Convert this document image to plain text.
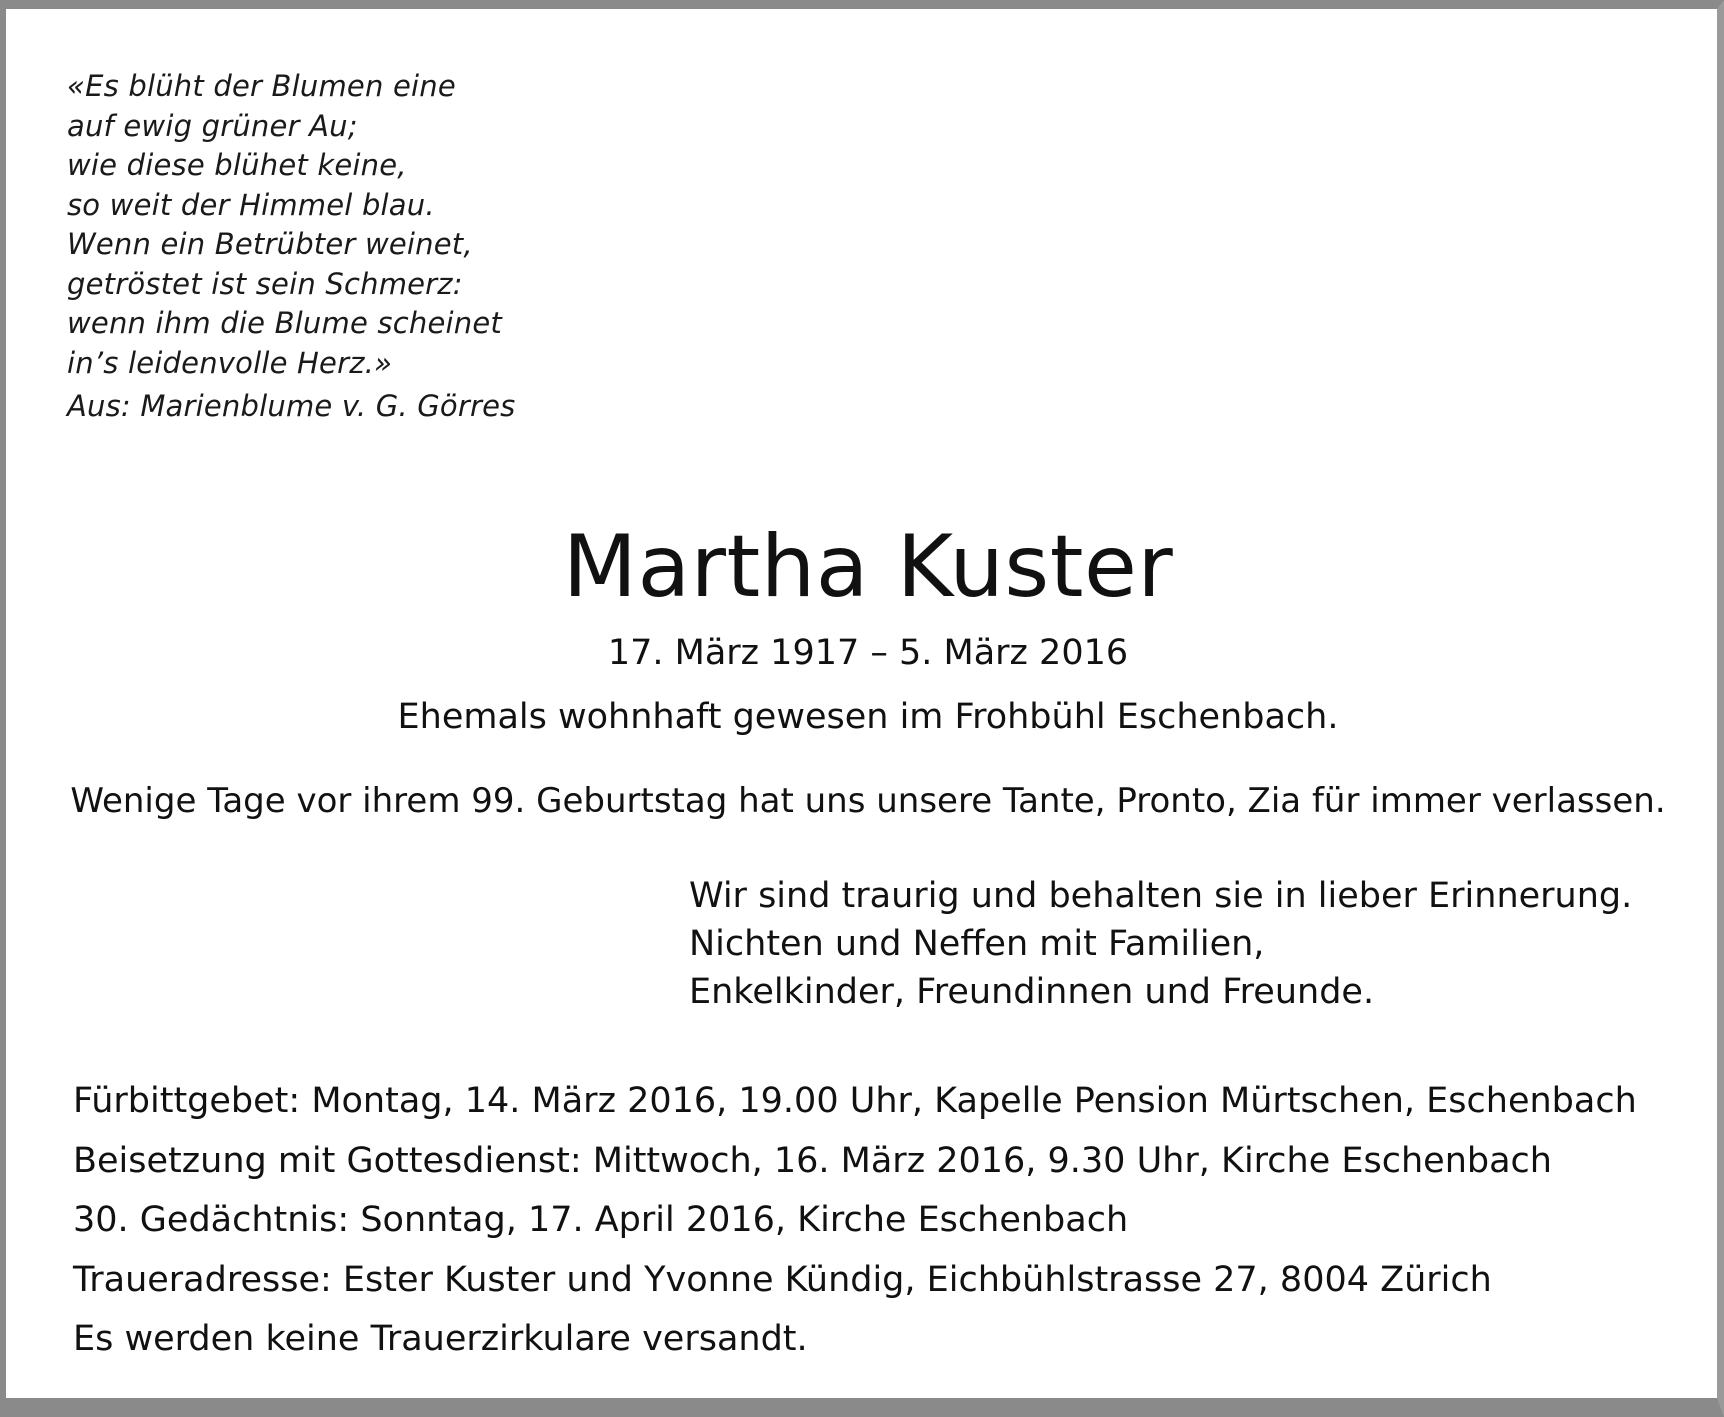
«Es blüht der Blumen eine
auf ewig grüner Au;
wie diese blühet keine,
so weit der Himmel blau.
Wenn ein Betrübter weinet,
getröstet ist sein Schmerz:
wenn ihm die Blume scheinet
in’s leidenvolle Herz.»
Aus: Marienblume v. G. Görres
Martha Kuster
17. März 1917 – 5. März 2016
Ehemals wohnhaft gewesen im Frohbühl Eschenbach.
Wenige Tage vor ihrem 99. Geburtstag hat uns unsere Tante, Pronto, Zia für immer verlassen.
Wir sind traurig und behalten sie in lieber Erinnerung.
Nichten und Neffen mit Familien,
Enkelkinder, Freundinnen und Freunde.
Fürbittgebet: Montag, 14. März 2016, 19.00 Uhr, Kapelle Pension Mürtschen, Eschenbach
Beisetzung mit Gottesdienst: Mittwoch, 16. März 2016, 9.30 Uhr, Kirche Eschenbach
30. Gedächtnis: Sonntag, 17. April 2016, Kirche Eschenbach
Traueradresse: Ester Kuster und Yvonne Kündig, Eichbühlstrasse 27, 8004 Zürich
Es werden keine Trauerzirkulare versandt.
